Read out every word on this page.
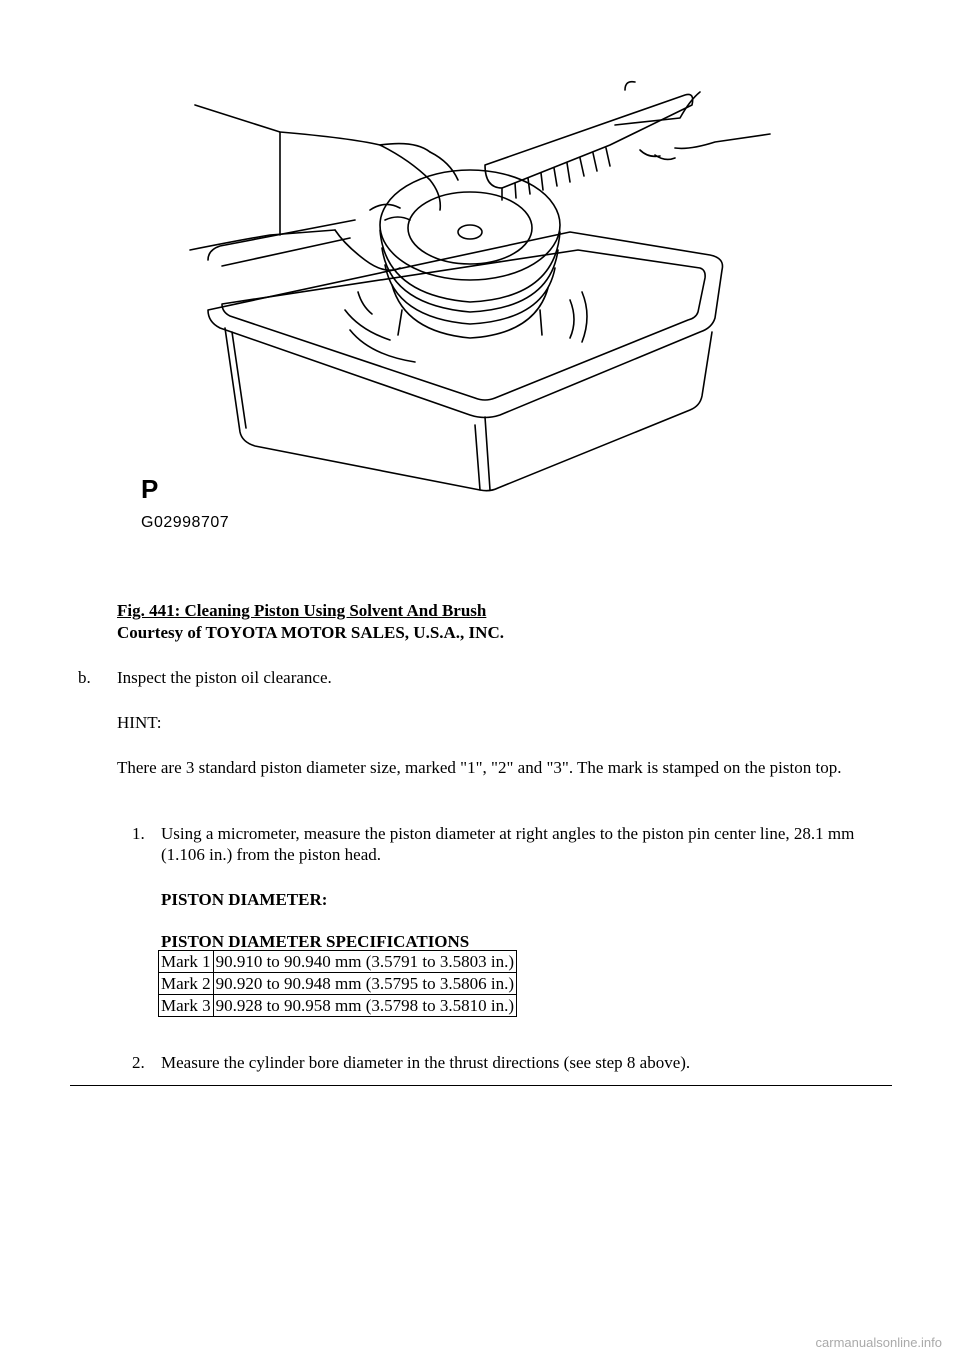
P
G02998707
Fig. 441: Cleaning Piston Using Solvent And Brush
Courtesy of TOYOTA MOTOR SALES, U.S.A., INC.
b. Inspect the piston oil clearance.
HINT:
There are 3 standard piston diameter size, marked "1", "2" and "3". The mark is stamped on the piston top.
1. Using a micrometer, measure the piston diameter at right angles to the piston pin center line, 28.1 mm (1.106 in.) from the piston head.
PISTON DIAMETER:
PISTON DIAMETER SPECIFICATIONS
Mark 1	90.910 to 90.940 mm (3.5791 to 3.5803 in.)
Mark 2	90.920 to 90.948 mm (3.5795 to 3.5806 in.)
Mark 3	90.928 to 90.958 mm (3.5798 to 3.5810 in.)
2. Measure the cylinder bore diameter in the thrust directions (see step 8 above).
carmanualsonline.info
